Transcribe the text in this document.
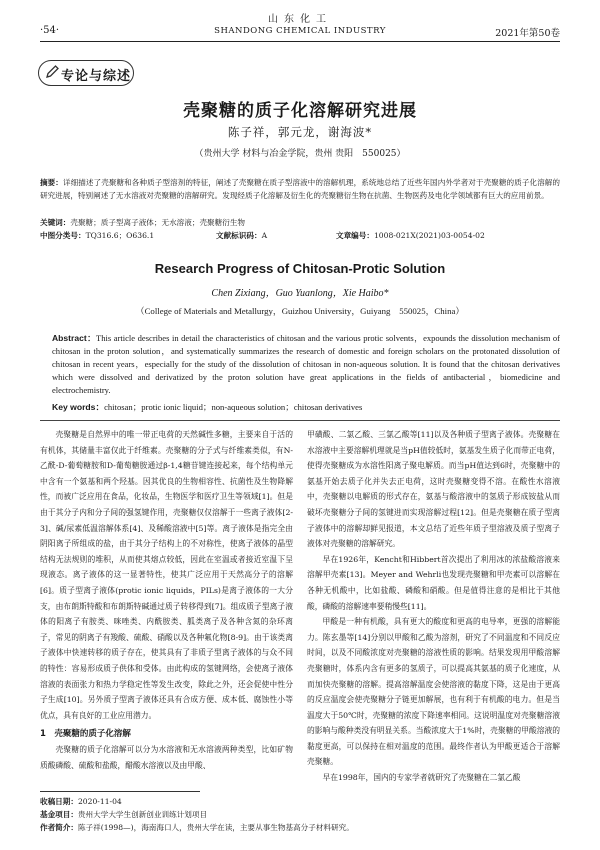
·54·
山东化工
SHANDONG CHEMICAL INDUSTRY	2021年第50卷
专论与综述
壳聚糖的质子化溶解研究进展
陈子祥，郭元龙，谢海波*
（贵州大学 材料与冶金学院，贵州 贵阳　550025）
摘要：详细描述了壳聚糖和各种质子型溶剂的特征，阐述了壳聚糖在质子型溶液中的溶解机理，系统地总结了近些年国内外学者对于壳聚糖的质子化溶解的研究进展，特别阐述了无水溶液对壳聚糖的溶解研究。发现经质子化溶解及衍生化的壳聚糖衍生物在抗菌、生物医药及电化学领域都有巨大的应用前景。
关键词：壳聚糖；质子型离子液体；无水溶液；壳聚糖衍生物
中图分类号：TQ316.6；O636.1	文献标识码：A	文章编号：1008-021X(2021)03-0054-02
Research Progress of Chitosan-Protic Solution
Chen Zixiang，Guo Yuanlong，Xie Haibo*
（College of Materials and Metallurgy，Guizhou University，Guiyang　550025，China）
Abstract：This article describes in detail the characteristics of chitosan and the various protic solvents，expounds the dissolution mechanism of chitosan in the proton solution，and systematically summarizes the research of domestic and foreign scholars on the protonated dissolution of chitosan in recent years，especially for the study of the dissolution of chitosan in non-aqueous solution. It is found that the chitosan derivatives which were dissolved and derivatized by the proton solution have great applications in the fields of antibacterial，biomedicine and electrochemistry.
Key words：chitosan；protic ionic liquid；non-aqueous solution；chitosan derivatives

壳聚糖是自然界中的唯一带正电荷的天然碱性多糖，主要来自于活的有机体，其储量丰富仅此于纤维素。壳聚糖的分子式与纤维素类似，有N-乙酰-D-葡萄糖胺和D-葡萄糖胺通过β-1,4糖苷键连接起来，每个结构单元中含有一个氨基和两个羟基。因其优良的生物相容性、抗菌性及生物降解性，而被广泛应用在食品，化妆品，生物医学和医疗卫生等领域[1]。但是由于其分子内和分子间的强氢键作用，壳聚糖仅仅溶解于一些离子液体[2-3]、碱/尿素低温溶解体系[4]、及稀酸溶液中[5]等。离子液体是指完全由阴阳离子所组成的盐，由于其分子结构上的不对称性，使离子液体的晶型结构无法规则的堆积，从而使其熔点较低，因此在室温或者接近室温下呈现液态。离子液体的这一显著特性，使其广泛应用于天然高分子的溶解[6]。质子型离子液体(protic ionic liquids，PILs)是离子液体的一大分支，由布朗斯特酸和布朗斯特碱通过质子转移得到[7]。组成质子型离子液体的阳离子有胺类、咪唑类、内酰胺类、胍类离子及各种含氮的杂环离子，常见的阴离子有羧酸、硫酸、硝酸以及各种氟化物[8-9]。由于该类离子液体中快速转移的质子存在，使其具有了非质子型离子液体的与众不同的特性：容易形成质子供体和受体。由此构成的氢键网络，会使离子液体溶液的表面张力和热力学稳定性等发生改变，除此之外，还会促使中性分子生成[10]。另外质子型离子液体还具有合成方便、成本低、腐蚀性小等优点，具有良好的工业应用潜力。

1　壳聚糖的质子化溶解

壳聚糖的质子化溶解可以分为水溶液和无水溶液两种类型，比如矿物质酸磷酸、硫酸和盐酸，醋酸水溶液以及由甲酸、

甲磺酸、二氯乙酸、三氯乙酸等[11]以及各种质子型离子液体。壳聚糖在水溶液中主要溶解机理就是当pH值较低时，氨基发生质子化而带正电荷，使得壳聚糖成为水溶性阳离子聚电解质。而当pH值达到6时，壳聚糖中的氨基开始去质子化并失去正电荷，这时壳聚糖变得不溶。在酸性水溶液中，壳聚糖以电解质的形式存在，氨基与酸溶液中的氢质子形成铵盐从而破坏壳聚糖分子间的氢键进而实现溶解过程[12]。但是壳聚糖在质子型离子液体中的溶解却鲜见报道，本文总结了近些年质子型溶液及质子型离子液体对壳聚糖的溶解研究。

早在1926年，Kencht和Hibbert首次提出了利用冰的浓盐酸溶液来溶解甲壳素[13]。Meyer and Wehrli也发现壳聚糖和甲壳素可以溶解在各种无机酸中，比如盐酸、磷酸和硝酸。但是值得注意的是相比于其他酸，磷酸的溶解速率要稍慢些[11]。

甲酸是一种有机酸，具有更大的酸度和更高的电导率，更强的溶解能力。陈玄墨等[14]分别以甲酸和乙酸为溶剂，研究了不同温度和不同反应时间，以及不同酸浓度对壳聚糖的溶液性质的影响。结果发现用甲酸溶解壳聚糖时，体系内含有更多的氢质子，可以提高其氨基的质子化速度，从而加快壳聚糖的溶解。提高溶解温度会使溶液的黏度下降，这是由于更高的反应温度会使壳聚糖分子链更加解展，也有利于有机酸的电力。但是当温度大于50℃时，壳聚糖的浓度下降速率相同。这说明温度对壳聚糖溶液的影响与酸种类没有明显关系。当酸浓度大于1%时，壳聚糖的甲酸溶液的黏度更高，可以保持在相对温度的范围。最终作者认为甲酸更适合于溶解壳聚糖。

早在1998年，国内的专家学者就研究了壳聚糖在二氯乙酸

收稿日期：2020-11-04
基金项目：贵州大学大学生创新创业训练计划项目
作者简介：陈子祥(1998—)，海南海口人，贵州大学在读，主要从事生物基高分子材料研究。
